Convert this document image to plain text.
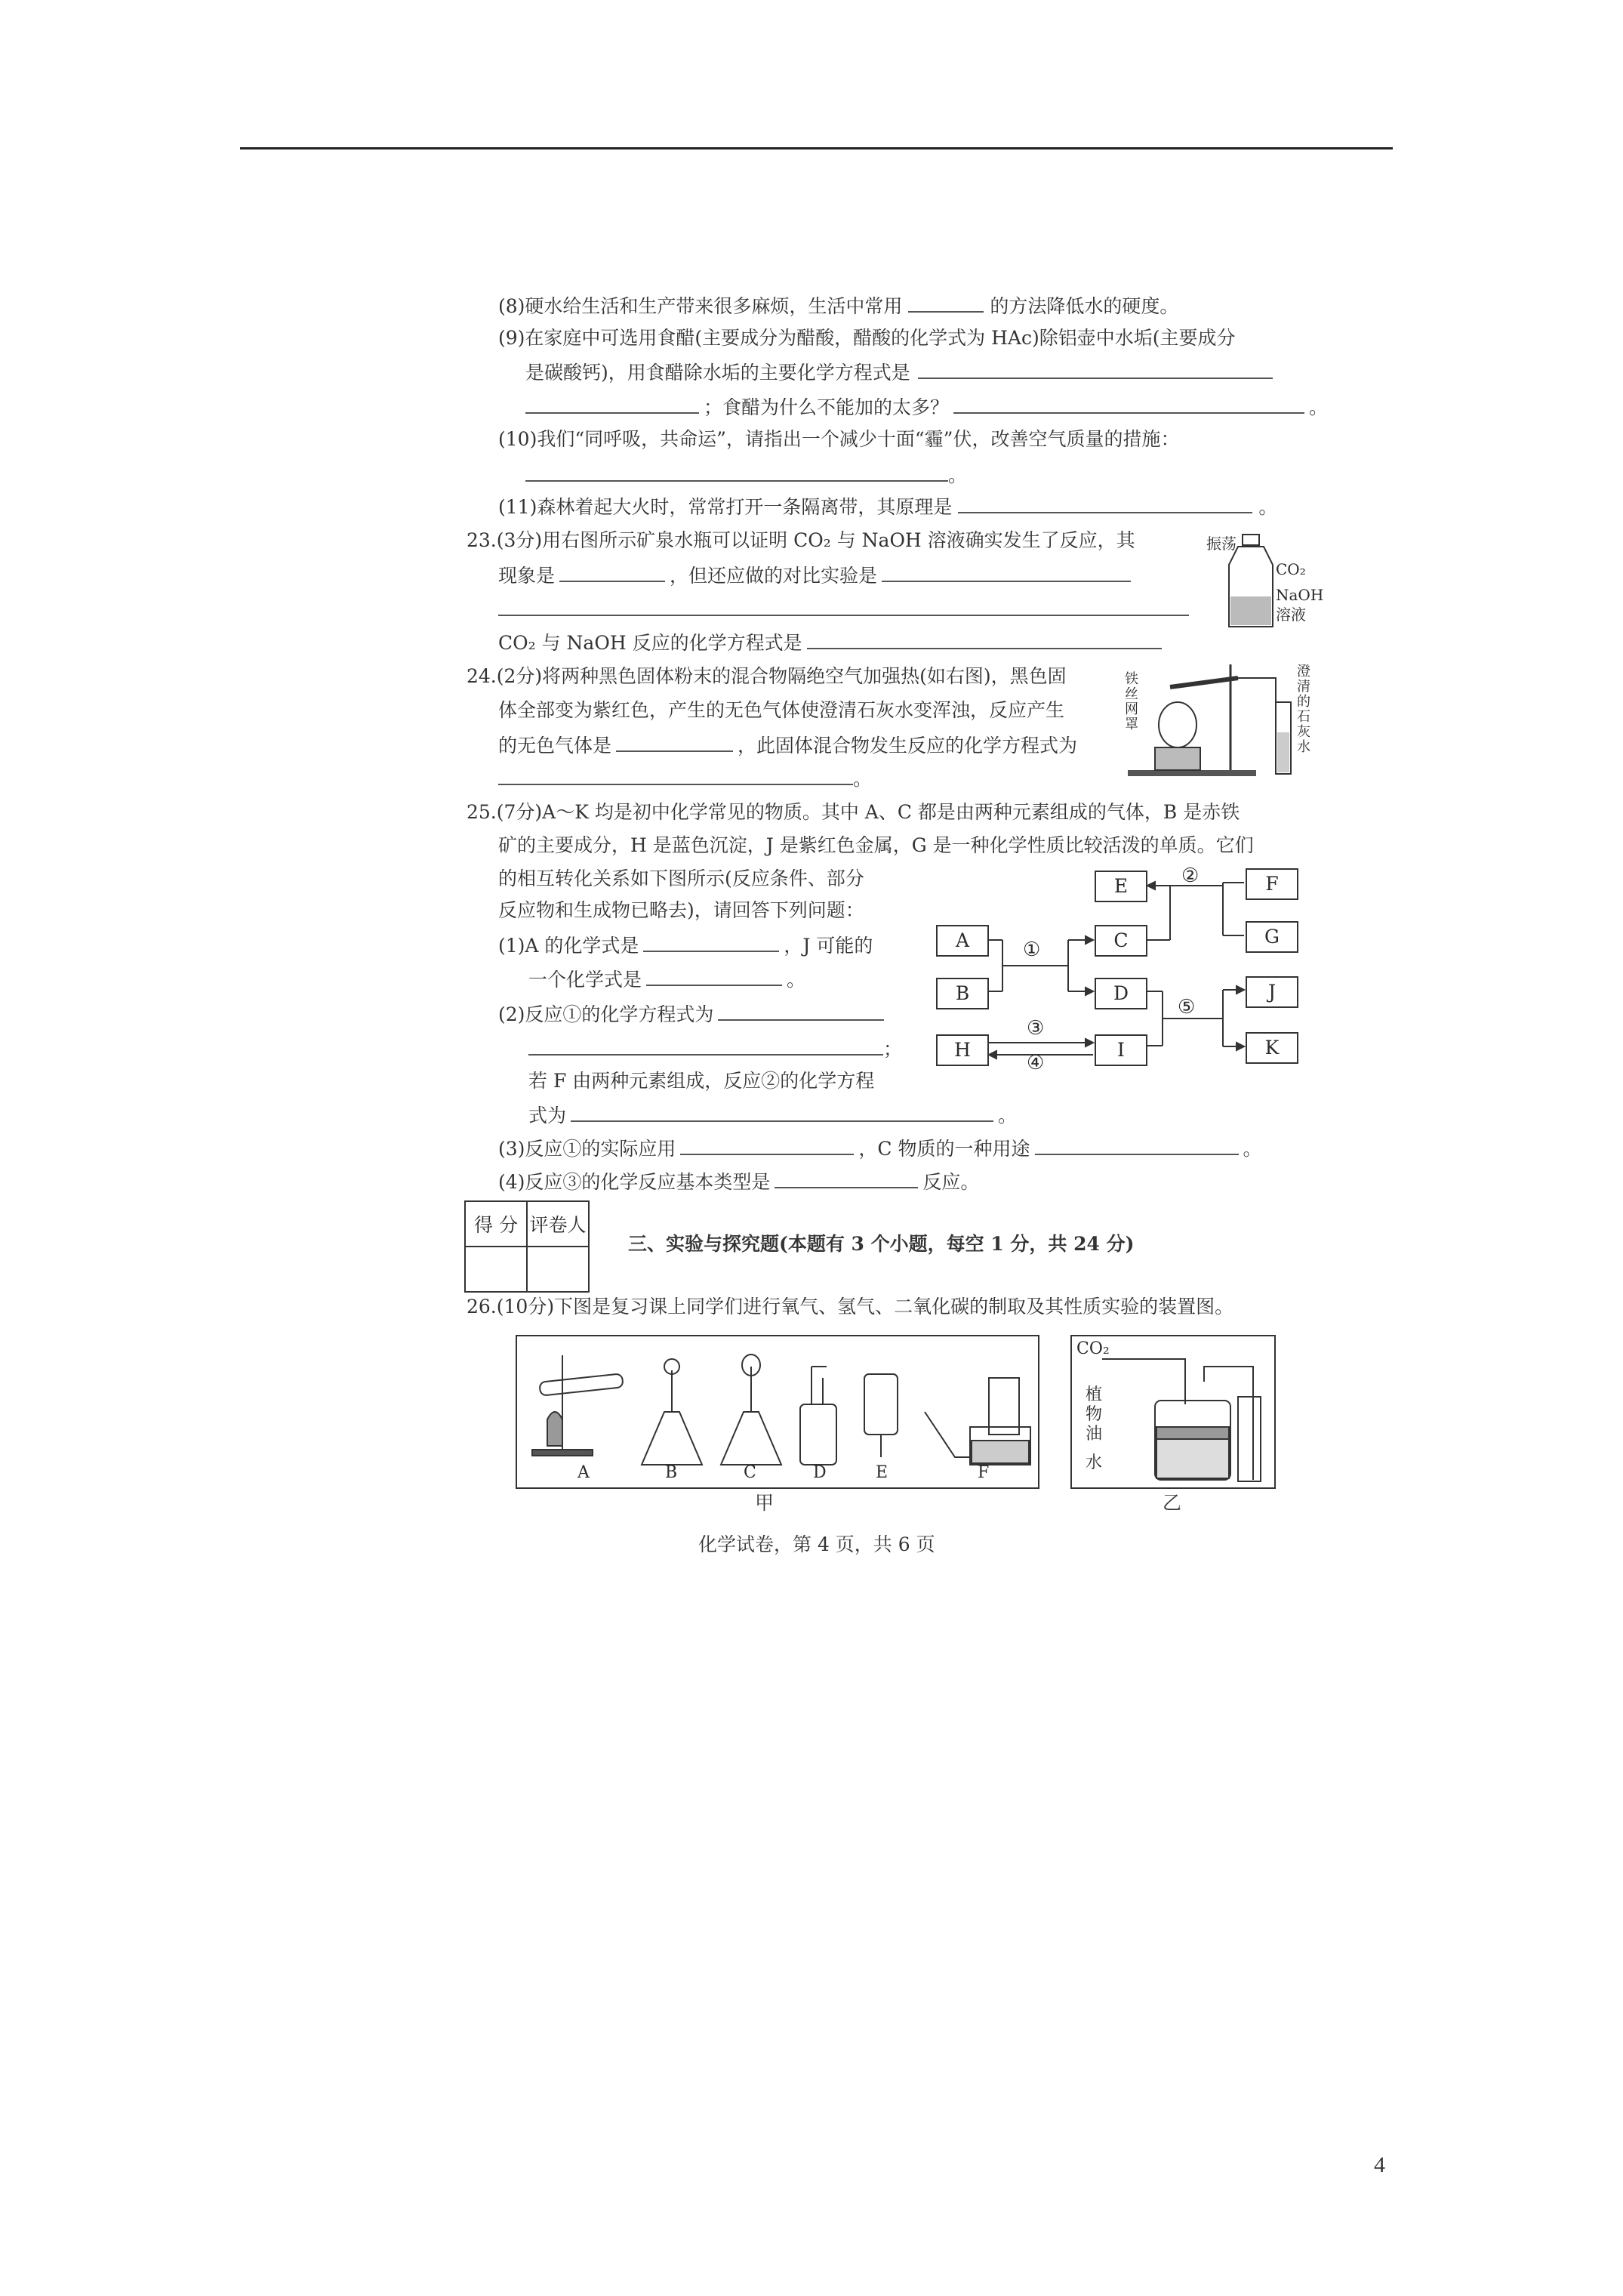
(8)硬水给生活和生产带来很多麻烦，生活中常用	的方法降低水的硬度。
(9)在家庭中可选用食醋(主要成分为醋酸，醋酸的化学式为 HAc)除铝壶中水垢(主要成分
是碳酸钙)，用食醋除水垢的主要化学方程式是
；食醋为什么不能加的太多？	。
(10)我们“同呼吸，共命运”，请指出一个减少十面“霾”伏，改善空气质量的措施：
。
(11)森林着起大火时，常常打开一条隔离带，其原理是	。
23.(3分)用右图所示矿泉水瓶可以证明 CO₂ 与 NaOH 溶液确实发生了反应，其
现象是	，但还应做的对比实验是
CO₂ 与 NaOH 反应的化学方程式是
振荡
CO₂
NaOH
溶液
24.(2分)将两种黑色固体粉末的混合物隔绝空气加强热(如右图)，黑色固
体全部变为紫红色，产生的无色气体使澄清石灰水变浑浊，反应产生
的无色气体是	，此固体混合物发生反应的化学方程式为
。
铁丝网罩
澄清的石灰水
25.(7分)A～K 均是初中化学常见的物质。其中 A、C 都是由两种元素组成的气体，B 是赤铁
矿的主要成分，H 是蓝色沉淀，J 是紫红色金属，G 是一种化学性质比较活泼的单质。它们
的相互转化关系如下图所示(反应条件、部分
反应物和生成物已略去)，请回答下列问题：
(1)A 的化学式是	，J 可能的
一个化学式是	。
(2)反应①的化学方程式为
；
若 F 由两种元素组成，反应②的化学方程
式为	。
(3)反应①的实际应用	，C 物质的一种用途	。
(4)反应③的化学反应基本类型是	反应。
A
B
C
D
E	F
G
H	I
J
K
①
②
③
④
⑤
得 分	评卷人

三、实验与探究题(本题有 3 个小题，每空 1 分，共 24 分)
26.(10分)下图是复习课上同学们进行氧气、氢气、二氧化碳的制取及其性质实验的装置图。
A	B	C	D	E	F
甲
CO₂
植
物
油
水
乙
化学试卷，第 4 页，共 6 页
4
